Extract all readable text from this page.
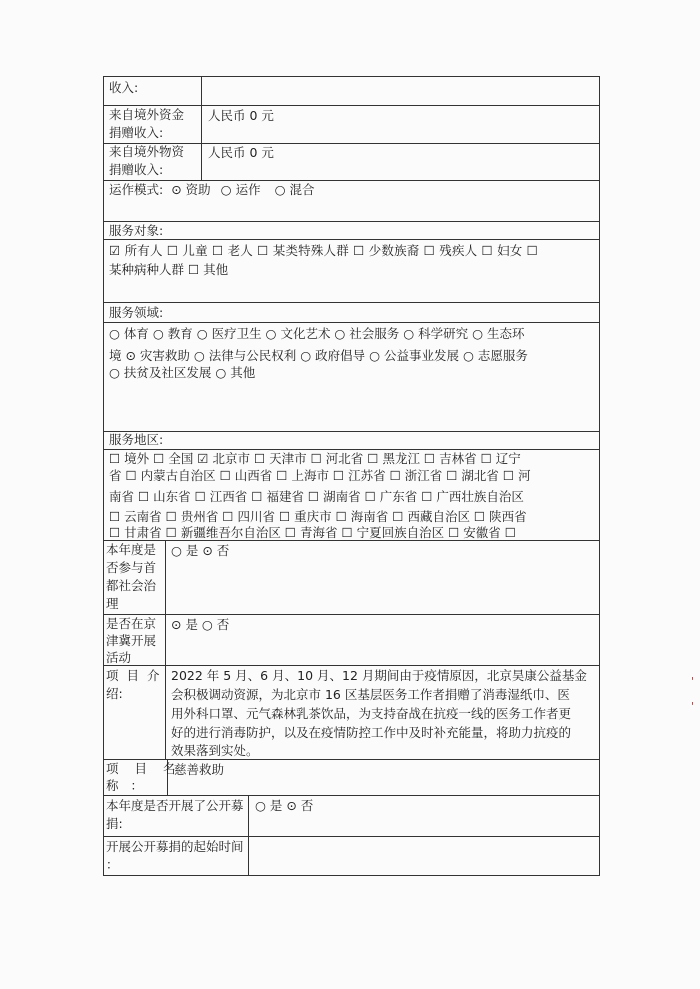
收入:
来自境外资金
捐赠收入:
人民币 0 元
来自境外物资
捐赠收入:
人民币 0 元
运作模式: ⊙ 资助 ○ 运作 ○ 混合
服务对象:
☑ 所有人 ☐ 儿童 ☐ 老人 ☐ 某类特殊人群 ☐ 少数族裔 ☐ 残疾人 ☐ 妇女 ☐
某种病种人群 ☐ 其他
服务领域:
○ 体育 ○ 教育 ○ 医疗卫生 ○ 文化艺术 ○ 社会服务 ○ 科学研究 ○ 生态环
境 ⊙ 灾害救助 ○ 法律与公民权利 ○ 政府倡导 ○ 公益事业发展 ○ 志愿服务
○ 扶贫及社区发展 ○ 其他
服务地区:
☐ 境外 ☐ 全国 ☑ 北京市 ☐ 天津市 ☐ 河北省 ☐ 黑龙江 ☐ 吉林省 ☐ 辽宁
省 ☐ 内蒙古自治区 ☐ 山西省 ☐ 上海市 ☐ 江苏省 ☐ 浙江省 ☐ 湖北省 ☐ 河
南省 ☐ 山东省 ☐ 江西省 ☐ 福建省 ☐ 湖南省 ☐ 广东省 ☐ 广西壮族自治区
☐ 云南省 ☐ 贵州省 ☐ 四川省 ☐ 重庆市 ☐ 海南省 ☐ 西藏自治区 ☐ 陕西省
☐ 甘肃省 ☐ 新疆维吾尔自治区 ☐ 青海省 ☐ 宁夏回族自治区 ☐ 安徽省 ☐
本年度是
否参与首
都社会治
理
○ 是 ⊙ 否
是否在京
津冀开展
活动
⊙ 是 ○ 否
项 目 介
绍:
2022 年 5 月、6 月、10 月、12 月期间由于疫情原因，北京昊康公益基金
会积极调动资源，为北京市 16 区基层医务工作者捐赠了消毒湿纸巾、医
用外科口罩、元气森林乳茶饮品，为支持奋战在抗疫一线的医务工作者更
好的进行消毒防护，以及在疫情防控工作中及时补充能量，将助力抗疫的
效果落到实处。
项 目 名
称 ：
慈善救助
本年度是否开展了公开募
捐:
○ 是 ⊙ 否
开展公开募捐的起始时间
：
'
'
